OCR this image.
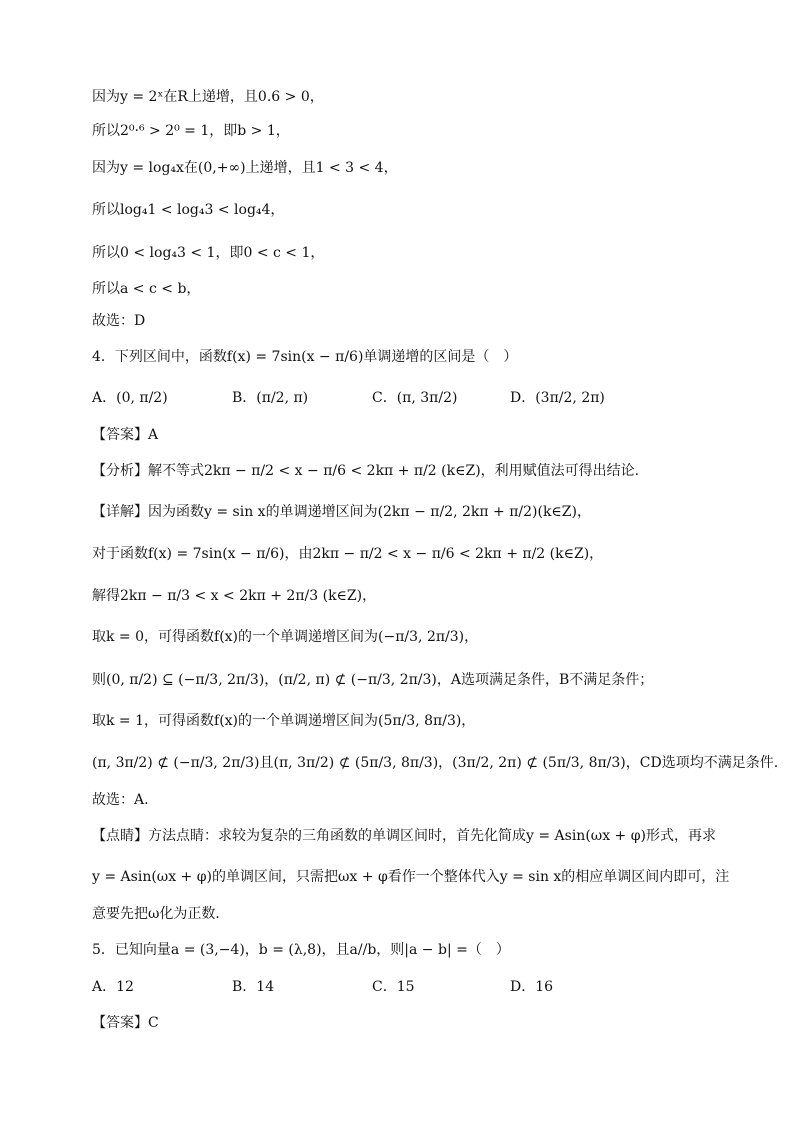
因为y = 2ˣ在R上递增，且0.6 > 0，
所以2⁰·⁶ > 2⁰ = 1，即b > 1，
因为y = log₄x在(0,+∞)上递增，且1 < 3 < 4，
所以log₄1 < log₄3 < log₄4，
所以0 < log₄3 < 1，即0 < c < 1，
所以a < c < b，
故选：D
4．下列区间中，函数f(x) = 7sin(x − π/6)单调递增的区间是（　）
A．(0, π/2)	B．(π/2, π)	C．(π, 3π/2)	D．(3π/2, 2π)
【答案】A
【分析】解不等式2kπ − π/2 < x − π/6 < 2kπ + π/2 (k∈Z)，利用赋值法可得出结论.
【详解】因为函数y = sin x的单调递增区间为(2kπ − π/2, 2kπ + π/2)(k∈Z)，
对于函数f(x) = 7sin(x − π/6)，由2kπ − π/2 < x − π/6 < 2kπ + π/2 (k∈Z)，
解得2kπ − π/3 < x < 2kπ + 2π/3 (k∈Z)，
取k = 0，可得函数f(x)的一个单调递增区间为(−π/3, 2π/3)，
则(0, π/2) ⊆ (−π/3, 2π/3)，(π/2, π) ⊄ (−π/3, 2π/3)，A选项满足条件，B不满足条件；
取k = 1，可得函数f(x)的一个单调递增区间为(5π/3, 8π/3)，
(π, 3π/2) ⊄ (−π/3, 2π/3)且(π, 3π/2) ⊄ (5π/3, 8π/3)，(3π/2, 2π) ⊄ (5π/3, 8π/3)，CD选项均不满足条件.
故选：A.
【点睛】方法点睛：求较为复杂的三角函数的单调区间时，首先化简成y = Asin(ωx + φ)形式，再求
y = Asin(ωx + φ)的单调区间，只需把ωx + φ看作一个整体代入y = sin x的相应单调区间内即可，注
意要先把ω化为正数．
5．已知向量a = (3,−4)，b = (λ,8)，且a//b，则|a − b| =（　）
A．12	B．14	C．15	D．16
【答案】C
